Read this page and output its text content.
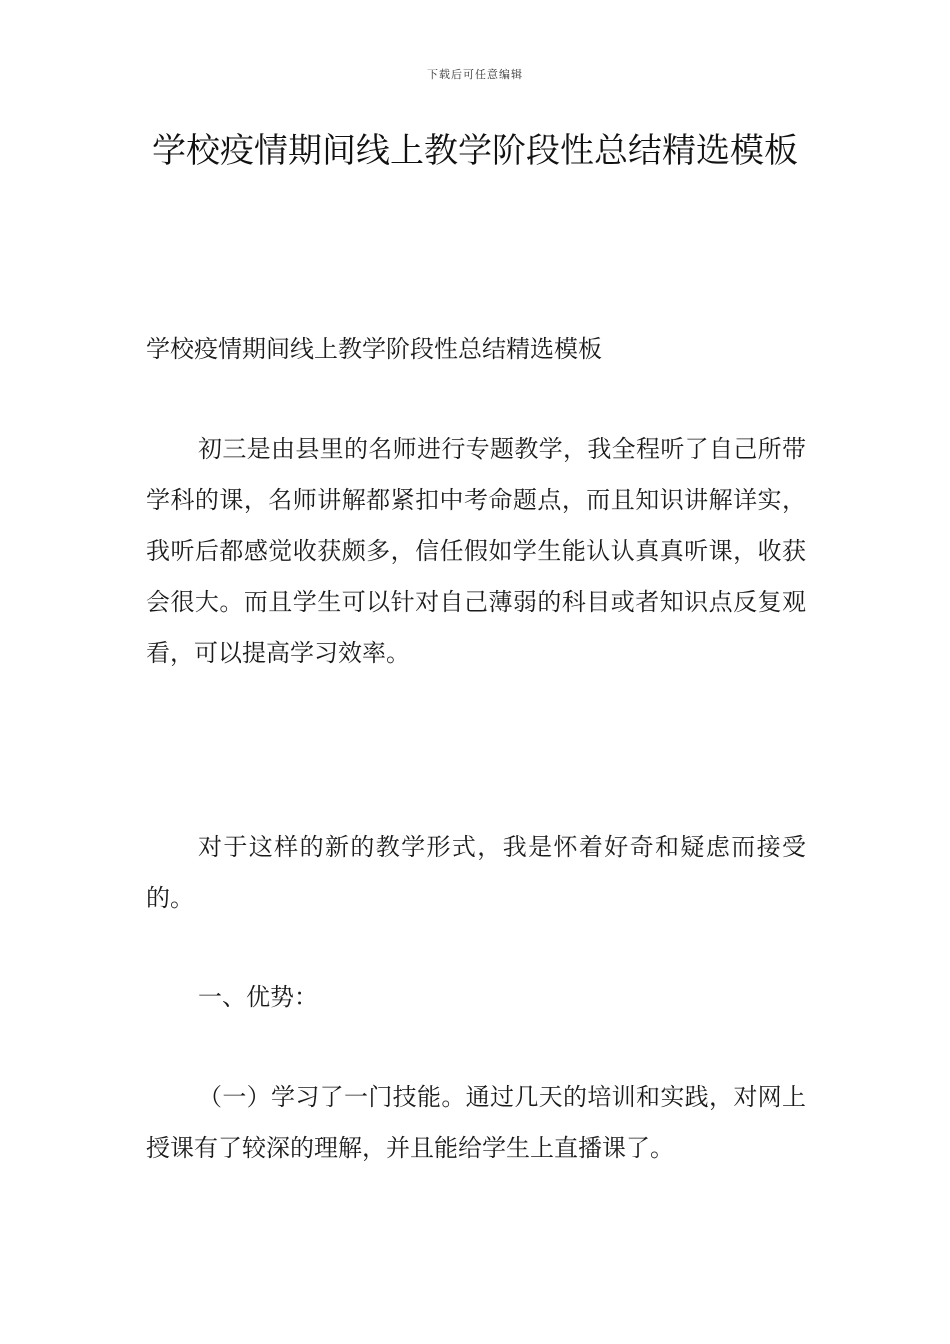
下载后可任意编辑
学校疫情期间线上教学阶段性总结精选模板

学校疫情期间线上教学阶段性总结精选模板

初三是由县里的名师进行专题教学，我全程听了自己所带学科的课，名师讲解都紧扣中考命题点，而且知识讲解详实，我听后都感觉收获颇多，信任假如学生能认认真真听课，收获会很大。而且学生可以针对自己薄弱的科目或者知识点反复观看，可以提高学习效率。

对于这样的新的教学形式，我是怀着好奇和疑虑而接受的。

一、优势：

（一）学习了一门技能。通过几天的培训和实践，对网上授课有了较深的理解，并且能给学生上直播课了。
